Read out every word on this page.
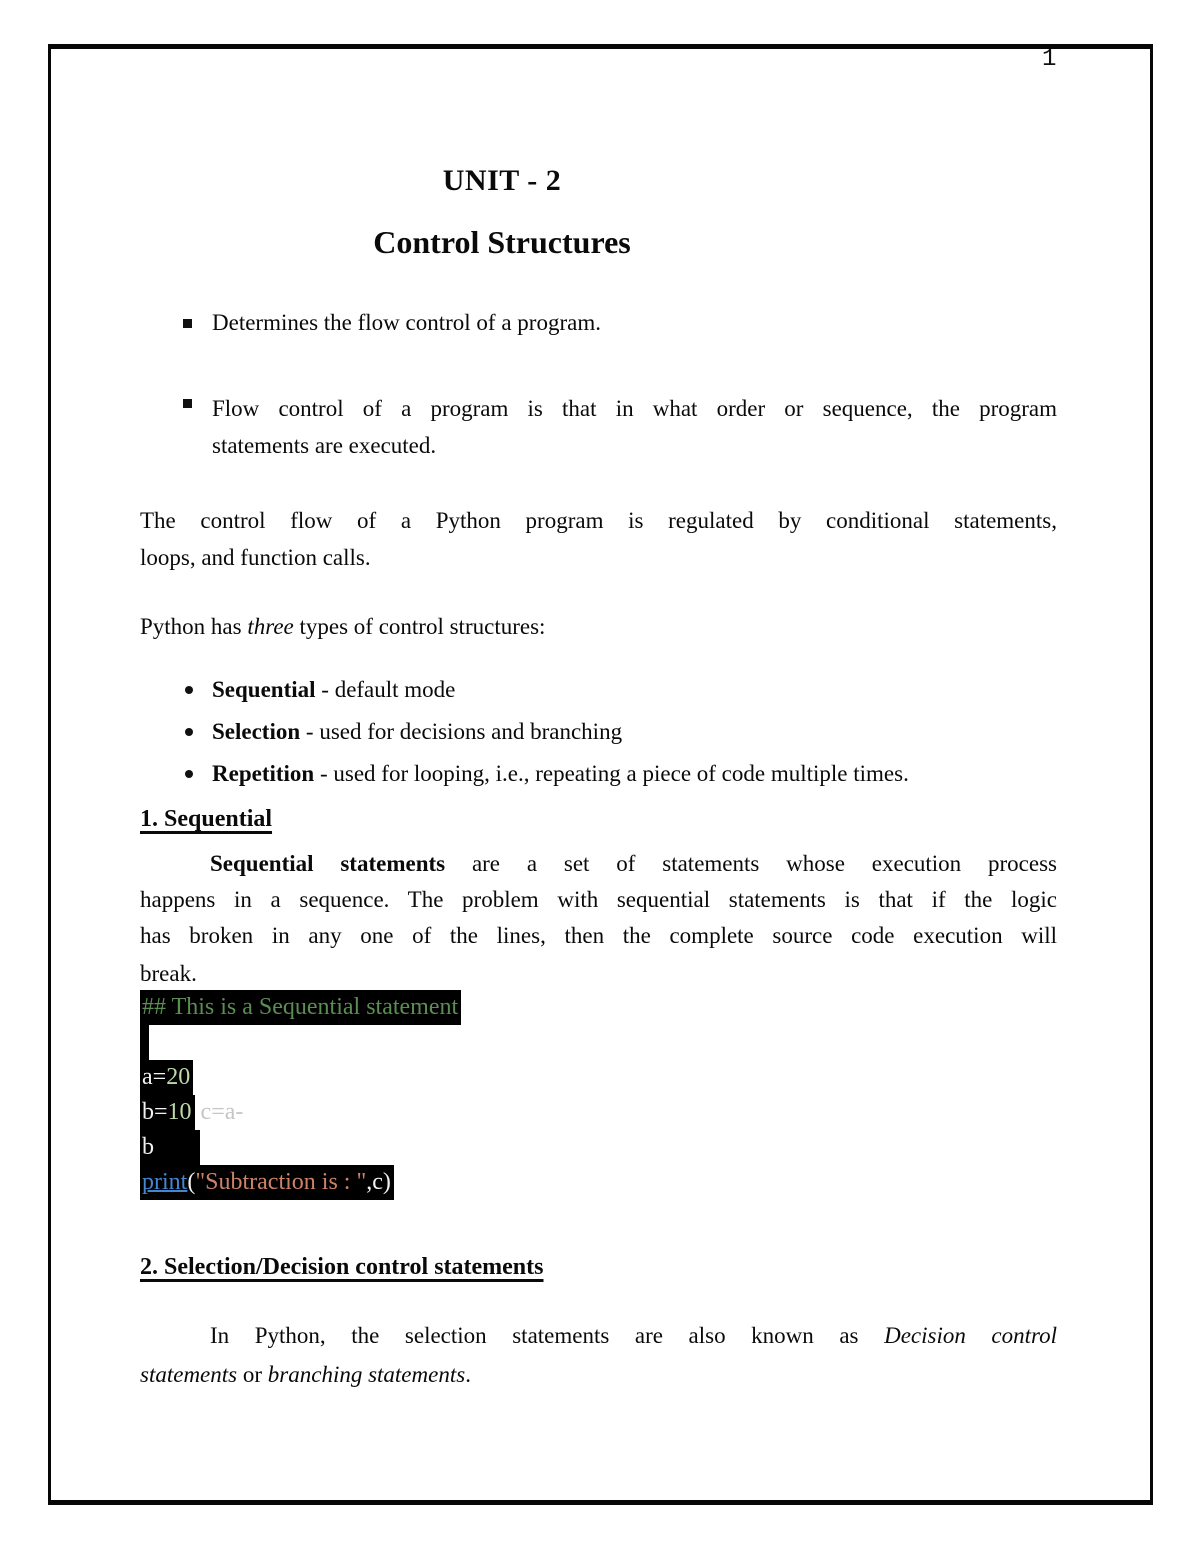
1
UNIT - 2
Control Structures
Determines the flow control of a program.
Flow control of a program is that in what order or sequence, the program
statements are executed.
The control flow of a Python program is regulated by conditional statements,
loops, and function calls.
Python has three types of control structures:
Sequential - default mode
Selection - used for decisions and branching
Repetition - used for looping, i.e., repeating a piece of code multiple times.
1. Sequential
Sequential statements are a set of statements whose execution process
happens in a sequence. The problem with sequential statements is that if the logic
has broken in any one of the lines, then the complete source code execution will
break.
## This is a Sequential statement
a=20
b=10 c=a-
b
print("Subtraction is : ",c)
2. Selection/Decision control statements
In Python, the selection statements are also known as Decision control
statements or branching statements.
